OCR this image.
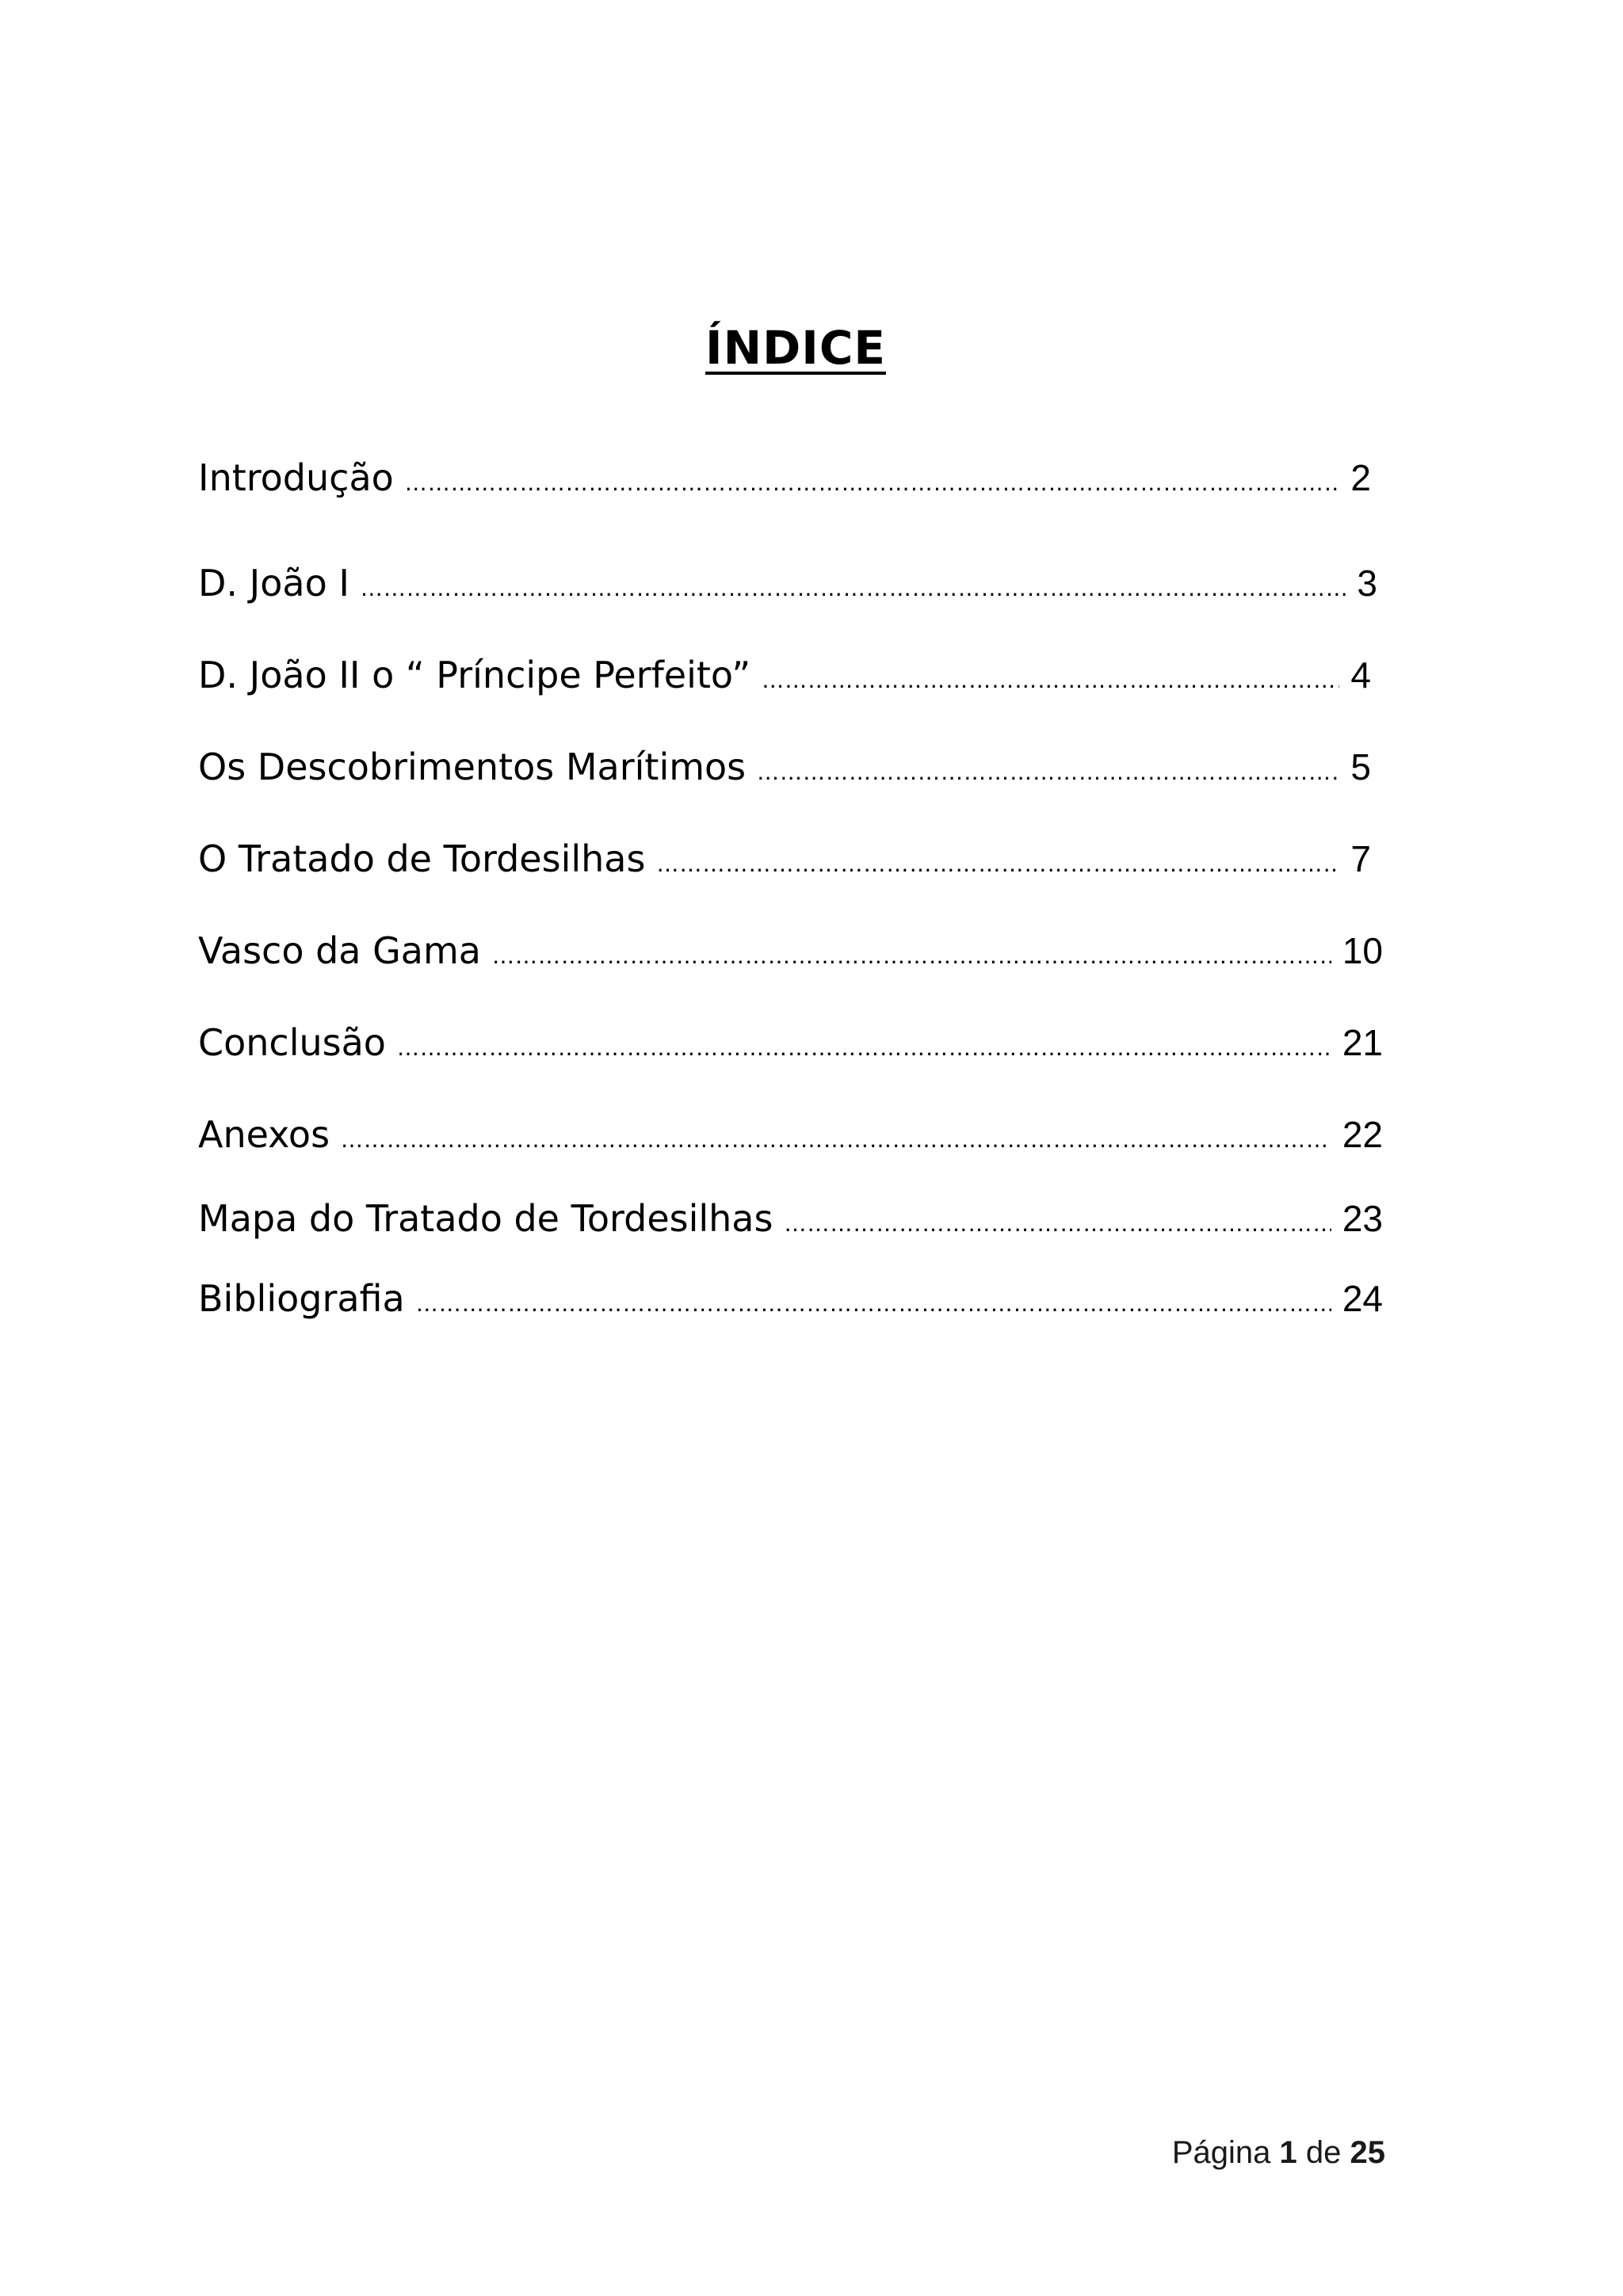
ÍNDICE
Introdução ………………………………………………………………………………………………………………………………………………………………………………………………………………………………………………	2
D. João I ………………………………………………………………………………………………………………………………………………………………………………………………………………………………………………	3
D. João II o “ Príncipe Perfeito” ………………………………………………………………………………………………………………………………………………………………………………………………………………………………………………	4
Os Descobrimentos Marítimos ………………………………………………………………………………………………………………………………………………………………………………………………………………………………………………	5
O Tratado de Tordesilhas ………………………………………………………………………………………………………………………………………………………………………………………………………………………………………………	7
Vasco da Gama ………………………………………………………………………………………………………………………………………………………………………………………………………………………………………………	10
Conclusão ………………………………………………………………………………………………………………………………………………………………………………………………………………………………………………	21
Anexos ………………………………………………………………………………………………………………………………………………………………………………………………………………………………………………	22
Mapa do Tratado de Tordesilhas ………………………………………………………………………………………………………………………………………………………………………………………………………………………………………………	23
Bibliografia ………………………………………………………………………………………………………………………………………………………………………………………………………………………………………………	24
Página 1 de 25
